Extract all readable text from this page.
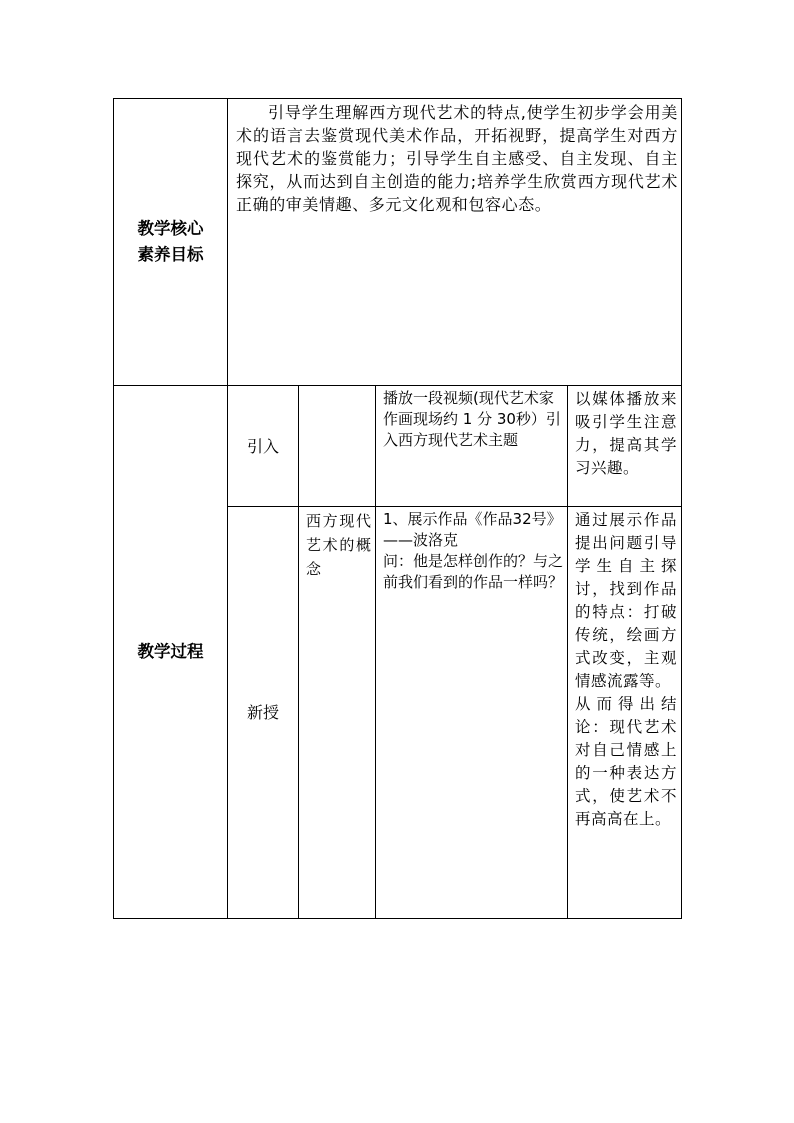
教学核心
素养目标	引导学生理解西方现代艺术的特点,使学生初步学会用美术的语言去鉴赏现代美术作品，开拓视野，提高学生对西方现代艺术的鉴赏能力；引导学生自主感受、自主发现、自主探究，从而达到自主创造的能力;培养学生欣赏西方现代艺术正确的审美情趣、多元文化观和包容心态。			

教学过程	引入		播放一段视频(现代艺术家作画现场约 1 分 30秒）引入西方现代艺术主题	以媒体播放来吸引学生注意力，提高其学习兴趣。

	新授	西方现代艺术的概念	1、展示作品《作品32号》——波洛克
问：他是怎样创作的？与之前我们看到的作品一样吗？	通过展示作品提出问题引导学生自主探讨，找到作品的特点：打破传统，绘画方式改变，主观情感流露等。
从而得出结论：现代艺术对自己情感上的一种表达方式，使艺术不再高高在上。
